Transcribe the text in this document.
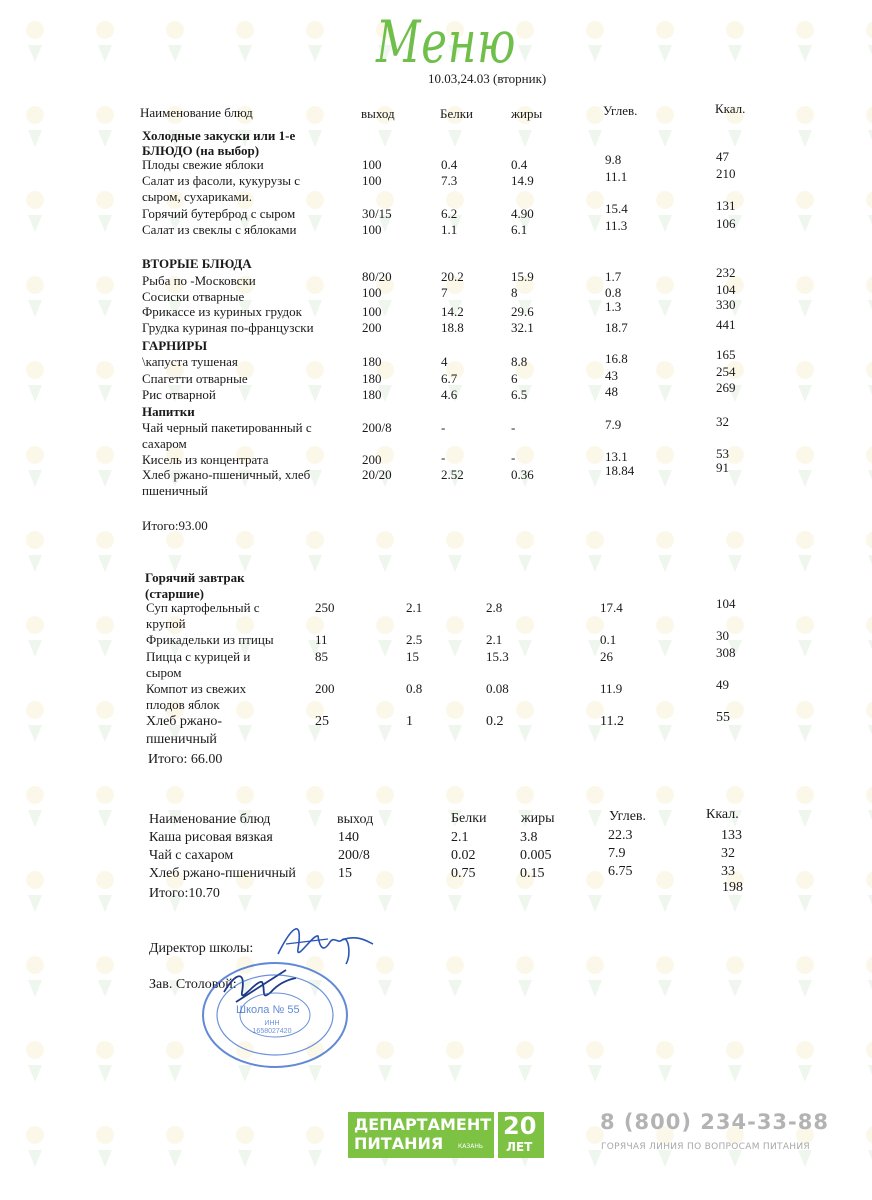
Меню
10.03,24.03 (вторник)
Наименование блюд	выход	Белки	жиры	Углев.	Ккал.
Холодные закуски или 1-е
БЛЮДО (на выбор)
Плоды свежие яблоки	100	0.4	0.4	9.8	47
Салат из фасоли, кукурузы с
сыром, сухариками.
100	7.3	14.9	11.1	210
Горячий бутерброд с сыром	30/15	6.2	4.90	15.4	131
Салат из свеклы с яблоками	100	1.1	6.1	11.3	106
ВТОРЫЕ БЛЮДА
Рыба по -Московски	80/20	20.2	15.9	1.7	232
Сосиски отварные	100	7	8	0.8	104
Фрикассе из куриных грудок	100	14.2	29.6	1.3	330
Грудка куриная по-французски	200	18.8	32.1	18.7	441
ГАРНИРЫ
\капуста тушеная	180	4	8.8	16.8	165
Спагетти отварные	180	6.7	6	43	254
Рис отварной	180	4.6	6.5	48	269
Напитки
Чай черный пакетированный с
сахаром
200/8	-	-	7.9	32
Кисель из концентрата	200	-	-	13.1	53
Хлеб ржано-пшеничный, хлеб
пшеничный
20/20	2.52	0.36	18.84	91
Итого:93.00
Горячий завтрак
(старшие)
Суп картофельный с
крупой
250	2.1	2.8	17.4	104
Фрикадельки из птицы	11	2.5	2.1	0.1	30
Пицца с курицей и
сыром
85	15	15.3	26	308
Компот из свежих
плодов яблок
200	0.8	0.08	11.9	49
Хлеб ржано-
пшеничный
25	1	0.2	11.2	55
Итого: 66.00
Наименование блюд	выход	Белки жиры	Углев.	Ккал.
Каша рисовая вязкая	140	2.1	3.8	22.3	133
Чай с сахаром	200/8	0.02	0.005	7.9	32
Хлеб ржано-пшеничный	15	0.75	0.15	6.75	33
Итого:10.70	198
Директор школы:
Зав. Столовой:
Школа № 55
ИНН 1658027420
ДЕПАРТАМЕНТ
ПИТАНИЯ КАЗАНЬ
20
ЛЕТ
8 (800) 234-33-88
ГОРЯЧАЯ ЛИНИЯ ПО ВОПРОСАМ ПИТАНИЯ
